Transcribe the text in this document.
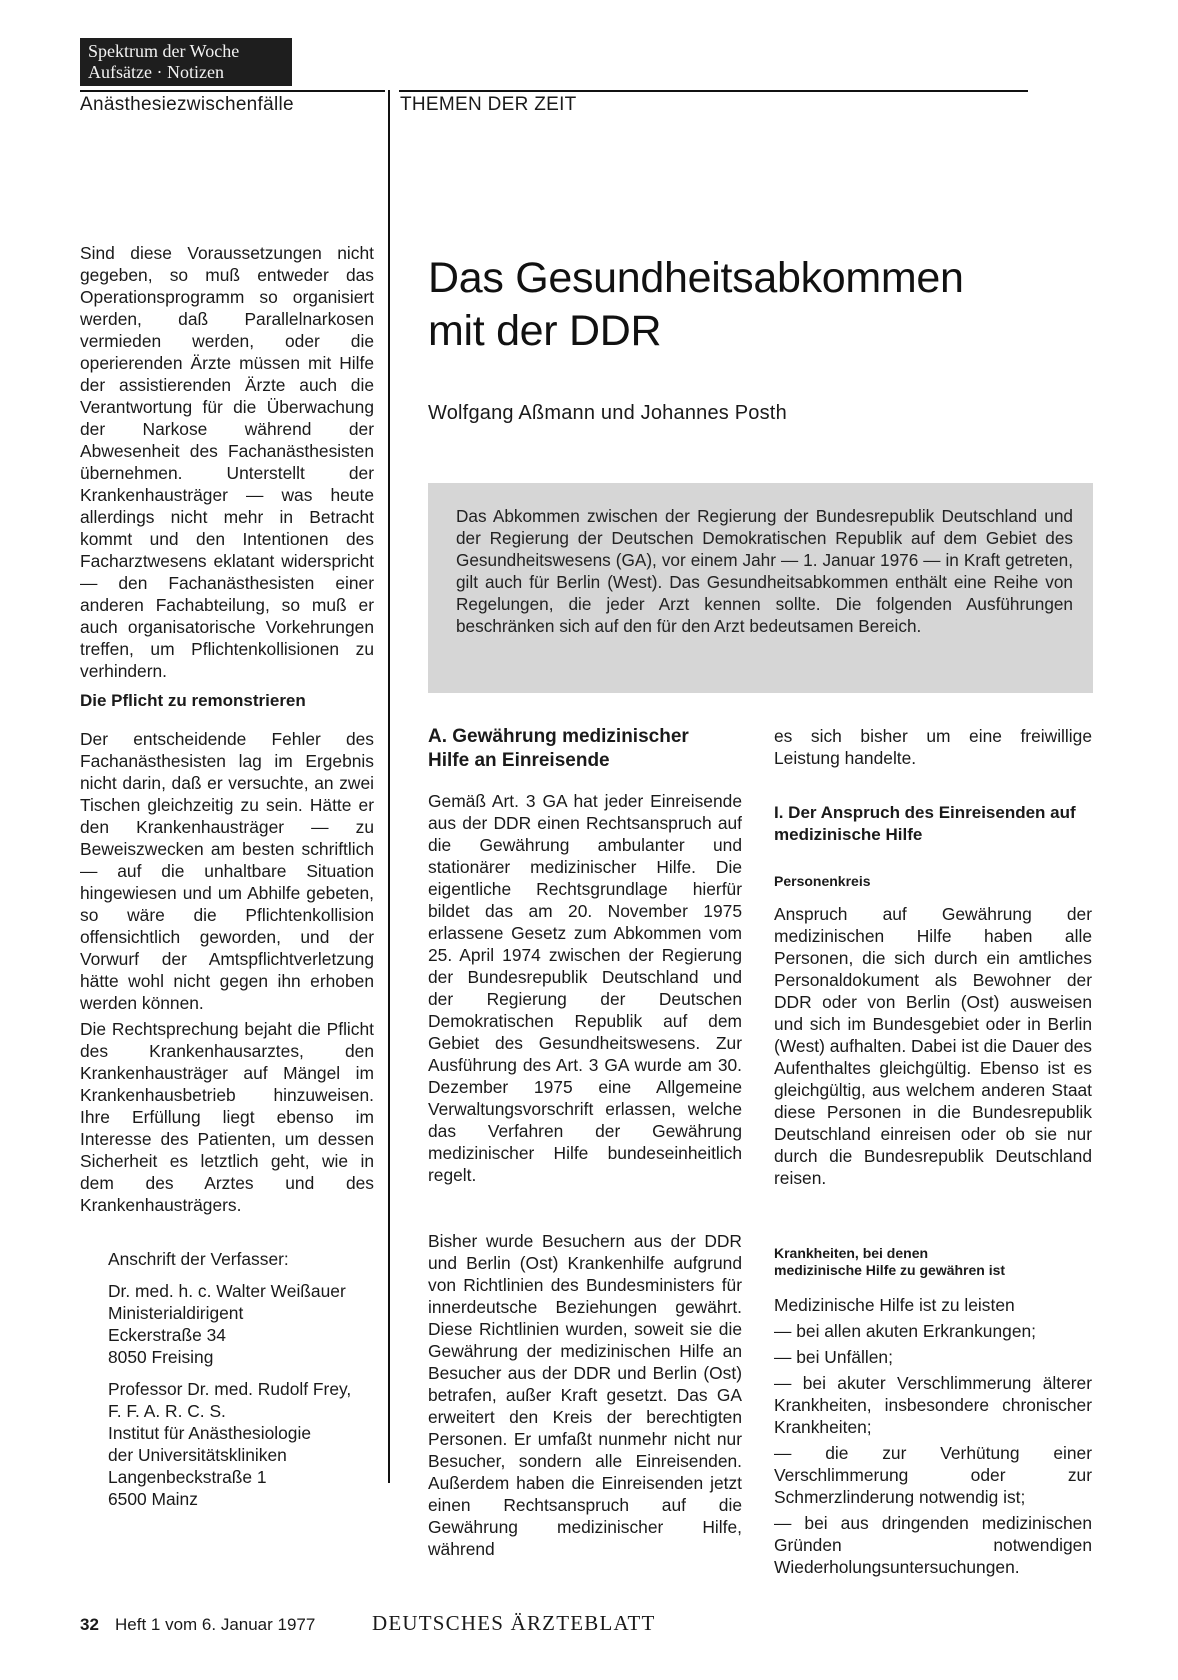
Spektrum der Woche
Aufsätze · Notizen
Anästhesiezwischenfälle	THEMEN DER ZEIT
Das Gesundheitsabkommen
mit der DDR
Wolfgang Aßmann und Johannes Posth
Das Abkommen zwischen der Regierung der Bundesrepublik Deutschland und der Regierung der Deutschen Demokratischen Republik auf dem Gebiet des Gesundheitswesens (GA), vor einem Jahr — 1. Januar 1976 — in Kraft getreten, gilt auch für Berlin (West). Das Gesundheitsabkommen enthält eine Reihe von Regelungen, die jeder Arzt kennen sollte. Die folgenden Ausführungen beschränken sich auf den für den Arzt bedeutsamen Bereich.
Sind diese Voraussetzungen nicht gegeben, so muß entweder das Operationsprogramm so organisiert werden, daß Parallelnarkosen vermieden werden, oder die operierenden Ärzte müssen mit Hilfe der assistierenden Ärzte auch die Verantwortung für die Überwachung der Narkose während der Abwesenheit des Fachanästhesisten übernehmen. Unterstellt der Krankenhausträger — was heute allerdings nicht mehr in Betracht kommt und den Intentionen des Facharztwesens eklatant widerspricht — den Fachanästhesisten einer anderen Fachabteilung, so muß er auch organisatorische Vorkehrungen treffen, um Pflichtenkollisionen zu verhindern.
Die Pflicht zu remonstrieren
Der entscheidende Fehler des Fachanästhesisten lag im Ergebnis nicht darin, daß er versuchte, an zwei Tischen gleichzeitig zu sein. Hätte er den Krankenhausträger — zu Beweiszwecken am besten schriftlich — auf die unhaltbare Situation hingewiesen und um Abhilfe gebeten, so wäre die Pflichtenkollision offensichtlich geworden, und der Vorwurf der Amtspflichtverletzung hätte wohl nicht gegen ihn erhoben werden können.
Die Rechtsprechung bejaht die Pflicht des Krankenhausarztes, den Krankenhausträger auf Mängel im Krankenhausbetrieb hinzuweisen. Ihre Erfüllung liegt ebenso im Interesse des Patienten, um dessen Sicherheit es letztlich geht, wie in dem des Arztes und des Krankenhausträgers.
Anschrift der Verfasser:
Dr. med. h. c. Walter Weißauer
Ministerialdirigent
Eckerstraße 34
8050 Freising
Professor Dr. med. Rudolf Frey,
F. F. A. R. C. S.
Institut für Anästhesiologie
der Universitätskliniken
Langenbeckstraße 1
6500 Mainz
A. Gewährung medizinischer Hilfe an Einreisende
Gemäß Art. 3 GA hat jeder Einreisende aus der DDR einen Rechtsanspruch auf die Gewährung ambulanter und stationärer medizinischer Hilfe. Die eigentliche Rechtsgrundlage hierfür bildet das am 20. November 1975 erlassene Gesetz zum Abkommen vom 25. April 1974 zwischen der Regierung der Bundesrepublik Deutschland und der Regierung der Deutschen Demokratischen Republik auf dem Gebiet des Gesundheitswesens. Zur Ausführung des Art. 3 GA wurde am 30. Dezember 1975 eine Allgemeine Verwaltungsvorschrift erlassen, welche das Verfahren der Gewährung medizinischer Hilfe bundeseinheitlich regelt.
Bisher wurde Besuchern aus der DDR und Berlin (Ost) Krankenhilfe aufgrund von Richtlinien des Bundesministers für innerdeutsche Beziehungen gewährt. Diese Richtlinien wurden, soweit sie die Gewährung der medizinischen Hilfe an Besucher aus der DDR und Berlin (Ost) betrafen, außer Kraft gesetzt. Das GA erweitert den Kreis der berechtigten Personen. Er umfaßt nunmehr nicht nur Besucher, sondern alle Einreisenden. Außerdem haben die Einreisenden jetzt einen Rechtsanspruch auf die Gewährung medizinischer Hilfe, während
es sich bisher um eine freiwillige Leistung handelte.
I. Der Anspruch des Einreisenden auf medizinische Hilfe
Personenkreis
Anspruch auf Gewährung der medizinischen Hilfe haben alle Personen, die sich durch ein amtliches Personaldokument als Bewohner der DDR oder von Berlin (Ost) ausweisen und sich im Bundesgebiet oder in Berlin (West) aufhalten. Dabei ist die Dauer des Aufenthaltes gleichgültig. Ebenso ist es gleichgültig, aus welchem anderen Staat diese Personen in die Bundesrepublik Deutschland einreisen oder ob sie nur durch die Bundesrepublik Deutschland reisen.
Krankheiten, bei denen
medizinische Hilfe zu gewähren ist

Medizinische Hilfe ist zu leisten

— bei allen akuten Erkrankungen;
— bei Unfällen;
— bei akuter Verschlimmerung älterer Krankheiten, insbesondere chronischer Krankheiten;
— die zur Verhütung einer Verschlimmerung oder zur Schmerzlinderung notwendig ist;
— bei aus dringenden medizinischen Gründen notwendigen Wiederholungsuntersuchungen.
32 Heft 1 vom 6. Januar 1977	DEUTSCHES ÄRZTEBLATT
